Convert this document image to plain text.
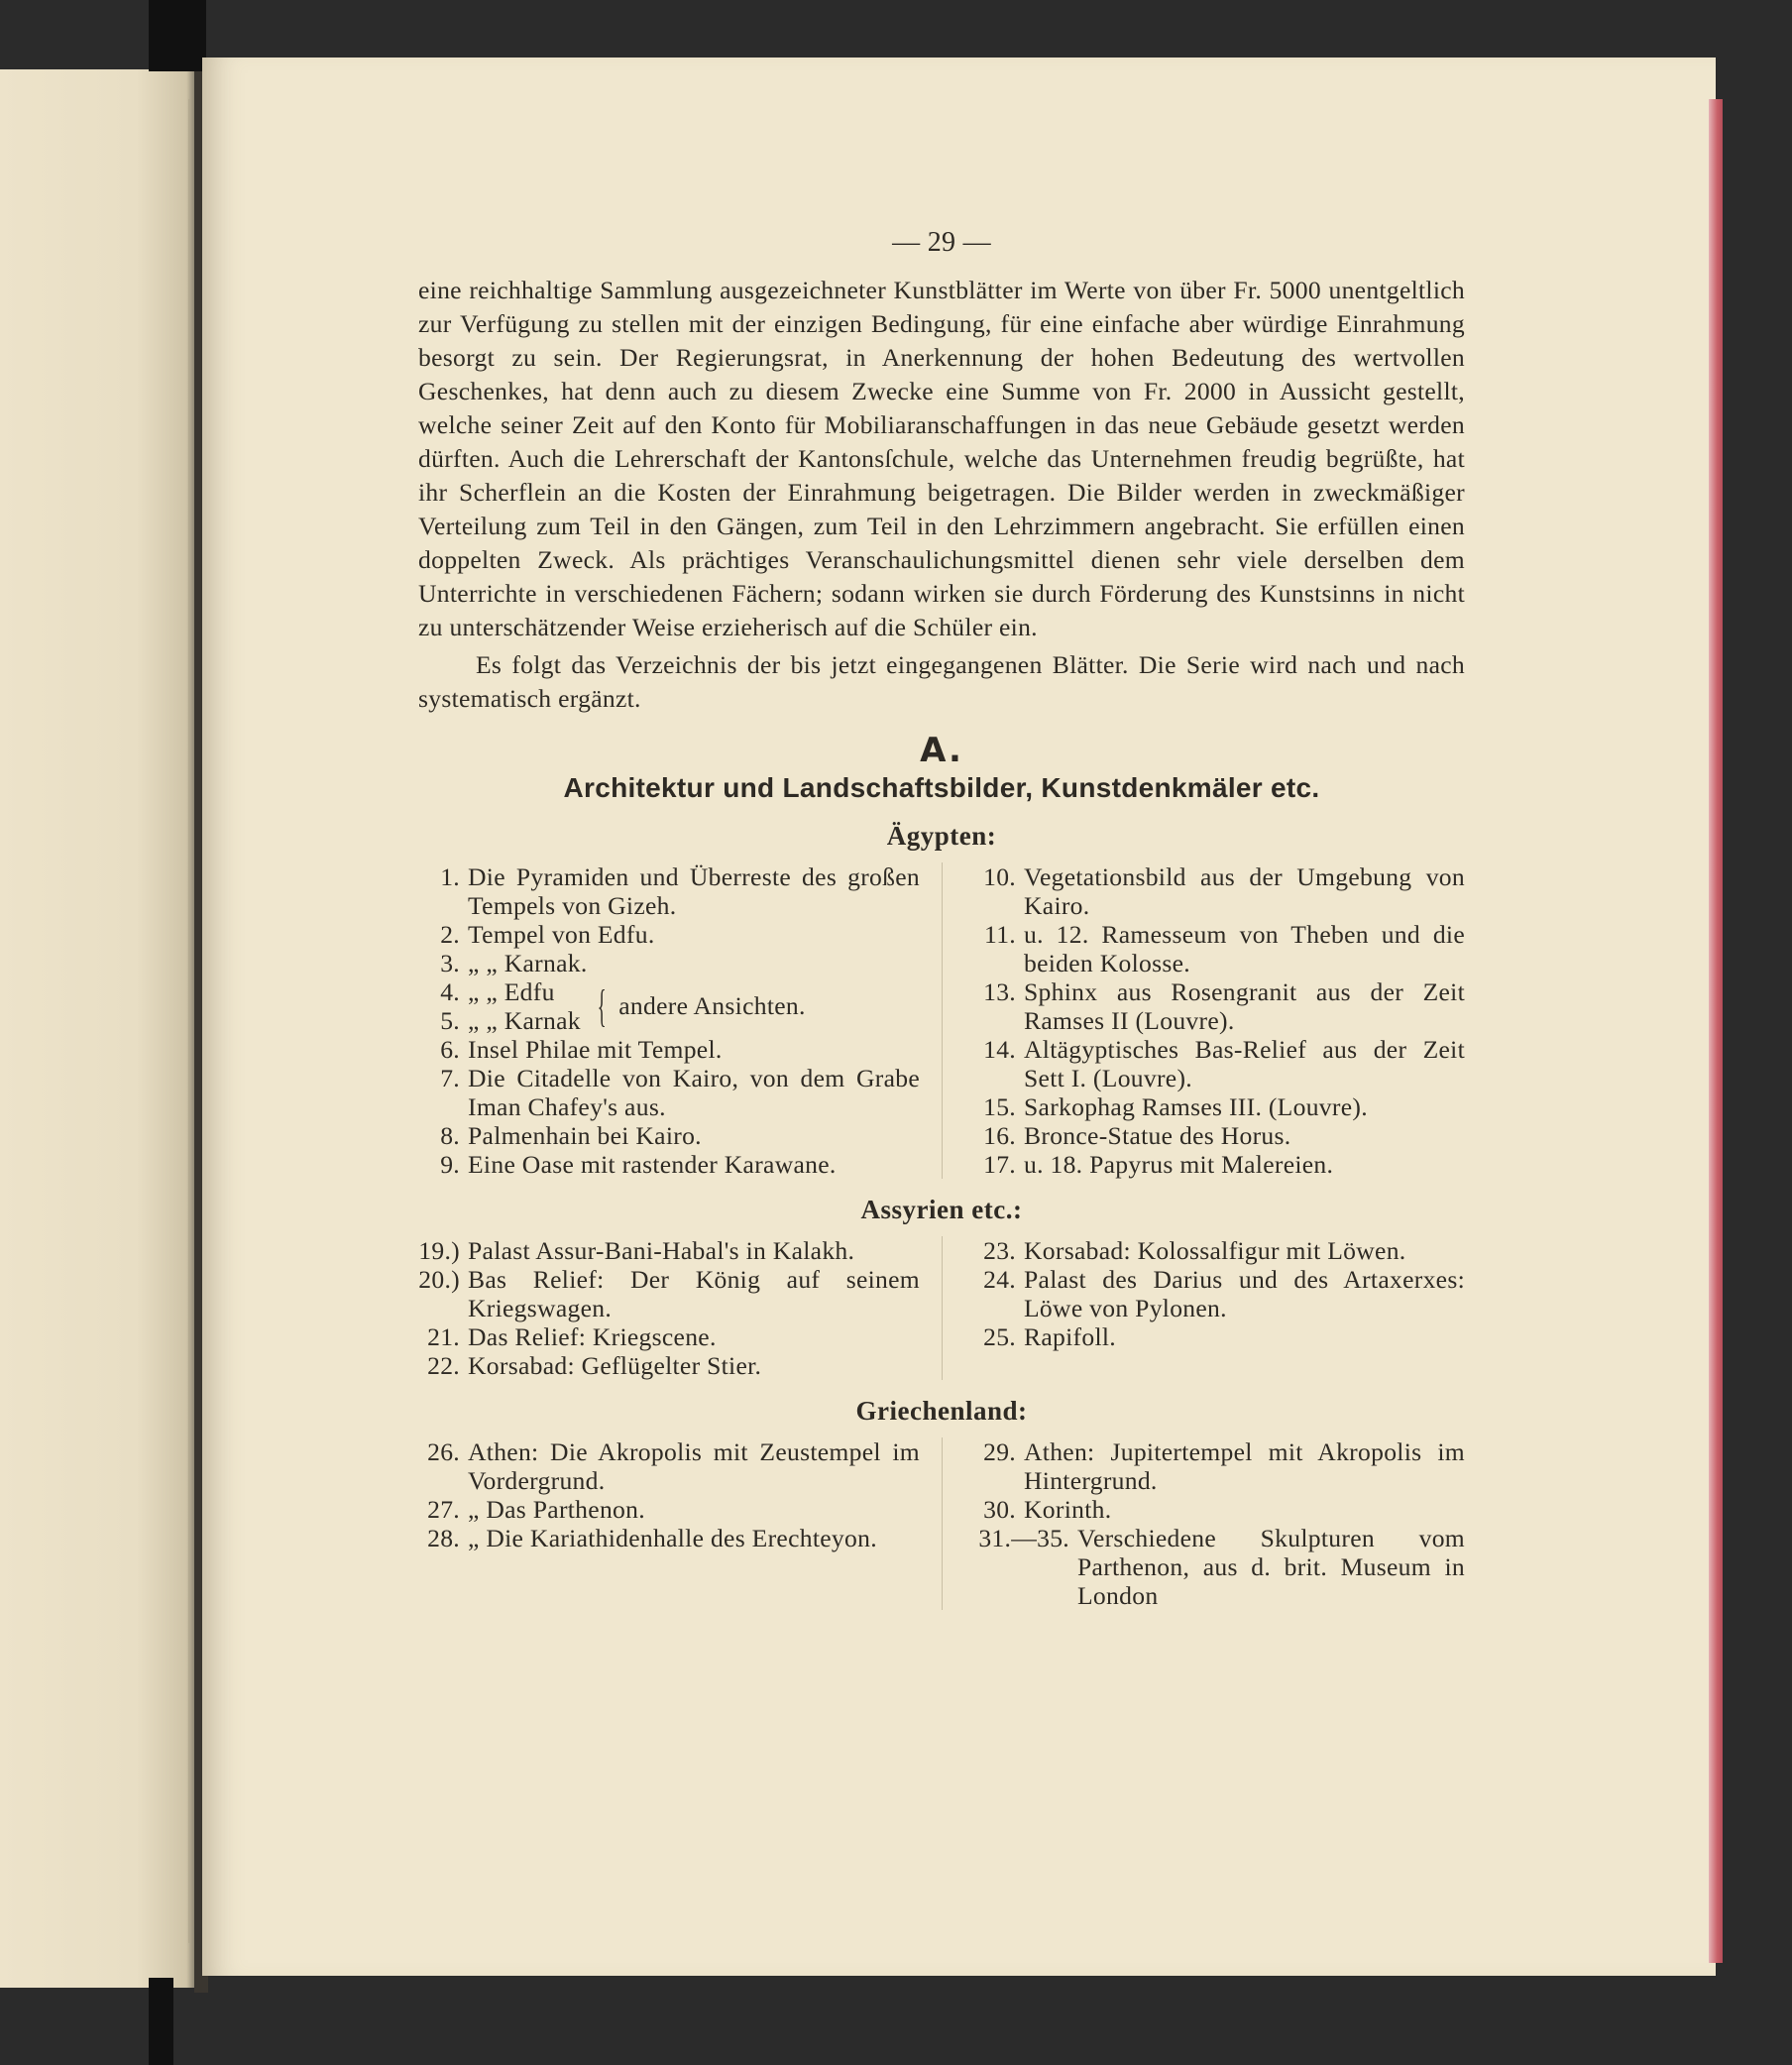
— 29 —

eine reichhaltige Sammlung ausgezeichneter Kunstblätter im Werte von über Fr. 5000 unentgeltlich zur Verfügung zu stellen mit der einzigen Bedingung, für eine einfache aber würdige Einrahmung besorgt zu sein. Der Regierungsrat, in Anerkennung der hohen Bedeutung des wertvollen Geschenkes, hat denn auch zu diesem Zwecke eine Summe von Fr. 2000 in Aussicht gestellt, welche seiner Zeit auf den Konto für Mobiliaranschaffungen in das neue Gebäude gesetzt werden dürften. Auch die Lehrerschaft der Kantonsſchule, welche das Unternehmen freudig begrüßte, hat ihr Scherflein an die Kosten der Einrahmung beigetragen. Die Bilder werden in zweckmäßiger Verteilung zum Teil in den Gängen, zum Teil in den Lehrzimmern angebracht. Sie erfüllen einen doppelten Zweck. Als prächtiges Veranschaulichungsmittel dienen sehr viele derselben dem Unterrichte in verschiedenen Fächern; sodann wirken sie durch Förderung des Kunstsinns in nicht zu unterschätzender Weise erzieherisch auf die Schüler ein.

Es folgt das Verzeichnis der bis jetzt eingegangenen Blätter. Die Serie wird nach und nach systematisch ergänzt.

A.
Architektur und Landschaftsbilder, Kunstdenkmäler etc.
Ägypten:
1. Die Pyramiden und Überreste des großen Tempels von Gizeh.
2. Tempel von Edfu.
3. „ „ Karnak.
4. „ „ Edfu
5. „ „ Karnak { andere Ansichten.
6. Insel Philae mit Tempel.
7. Die Citadelle von Kairo, von dem Grabe Iman Chafey's aus.
8. Palmenhain bei Kairo.
9. Eine Oase mit rastender Karawane.
10. Vegetationsbild aus der Umgebung von Kairo.
11. u. 12. Ramesseum von Theben und die beiden Kolosse.
13. Sphinx aus Rosengranit aus der Zeit Ramses II (Louvre).
14. Altägyptisches Bas-Relief aus der Zeit Sett I. (Louvre).
15. Sarkophag Ramses III. (Louvre).
16. Bronce-Statue des Horus.
17. u. 18. Papyrus mit Malereien.
Assyrien etc.:
19.) Palast Assur-Bani-Habal's in Kalakh.
20.) Bas Relief: Der König auf seinem Kriegswagen.
21. Das Relief: Kriegscene.
22. Korsabad: Geflügelter Stier.
23. Korsabad: Kolossalfigur mit Löwen.
24. Palast des Darius und des Artaxerxes: Löwe von Pylonen.
25. Rapifoll.
Griechenland:
26. Athen: Die Akropolis mit Zeustempel im Vordergrund.
27. „ Das Parthenon.
28. „ Die Kariathidenhalle des Erechteyon.
29. Athen: Jupitertempel mit Akropolis im Hintergrund.
30. Korinth.
31.—35. Verschiedene Skulpturen vom Parthenon, aus d. brit. Museum in London
